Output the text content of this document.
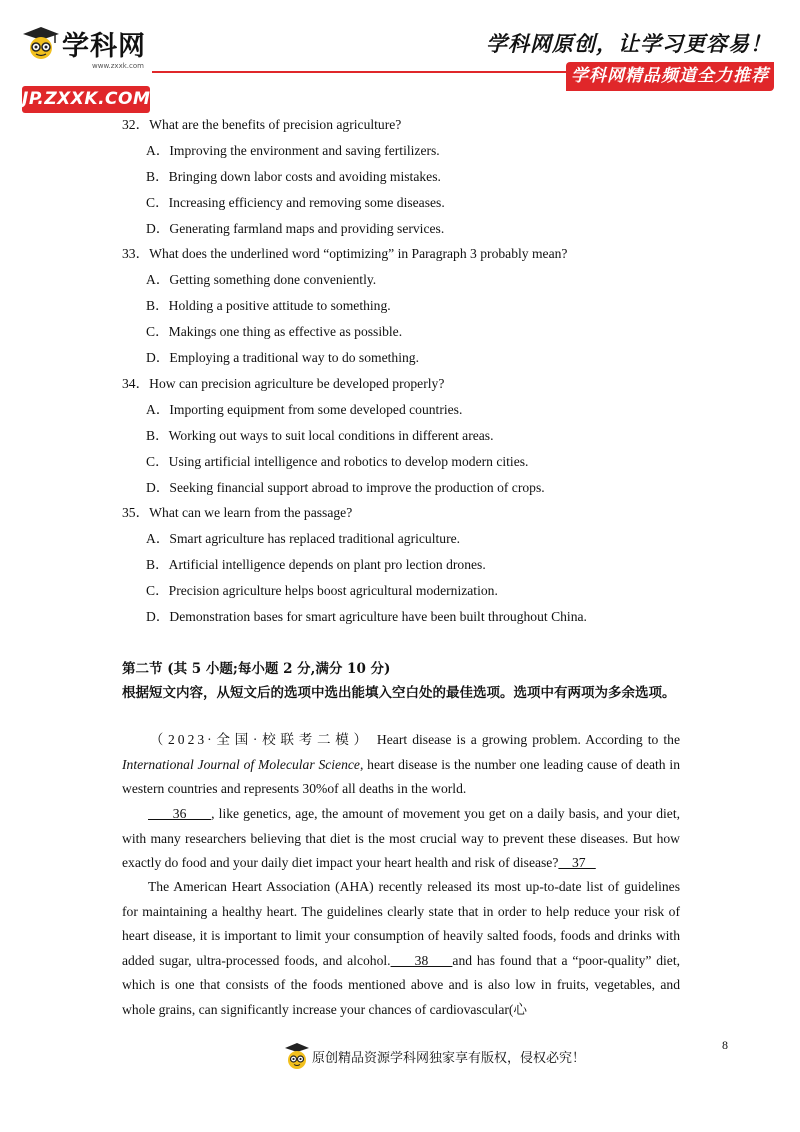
学科网
www.zxxk.com
JP.ZXXK.COM
学科网原创，让学习更容易！
学科网精品频道全力推荐
32．What are the benefits of precision agriculture?
A．Improving the environment and saving fertilizers.
B．Bringing down labor costs and avoiding mistakes.
C．Increasing efficiency and removing some diseases.
D．Generating farmland maps and providing services.
33．What does the underlined word “optimizing” in Paragraph 3 probably mean?
A．Getting something done conveniently.
B．Holding a positive attitude to something.
C．Makings one thing as effective as possible.
D．Employing a traditional way to do something.
34．How can precision agriculture be developed properly?
A．Importing equipment from some developed countries.
B．Working out ways to suit local conditions in different areas.
C．Using artificial intelligence and robotics to develop modern cities.
D．Seeking financial support abroad to improve the production of crops.
35．What can we learn from the passage?
A．Smart agriculture has replaced traditional agriculture.
B．Artificial intelligence depends on plant pro lection drones.
C．Precision agriculture helps boost agricultural modernization.
D．Demonstration bases for smart agriculture have been built throughout China.
第二节 (其 5 小题;每小题 2 分,满分 10 分)
根据短文内容，从短文后的选项中选出能填入空白处的最佳选项。选项中有两项为多余选项。
（2023·全国·校联考二模） Heart disease is a growing problem. According to the International Journal of Molecular Science, heart disease is the number one leading cause of death in western countries and represents 30%of all deaths in the world.
36      , like genetics, age, the amount of movement you get on a daily basis, and your diet, with many researchers believing that diet is the most crucial way to prevent these diseases. But how exactly do food and your daily diet impact your heart health and risk of disease?    37
The American Heart Association (AHA) recently released its most up-to-date list of guidelines for maintaining a healthy heart. The guidelines clearly state that in order to help reduce your risk of heart disease, it is important to limit your consumption of heavily salted foods, foods and drinks with added sugar, ultra-processed foods, and alcohol.     38     and has found that a “poor-quality” diet, which is one that consists of the foods mentioned above and is also low in fruits, vegetables, and whole grains, can significantly increase your chances of cardiovascular(心
8
原创精品资源学科网独家享有版权，侵权必究！
